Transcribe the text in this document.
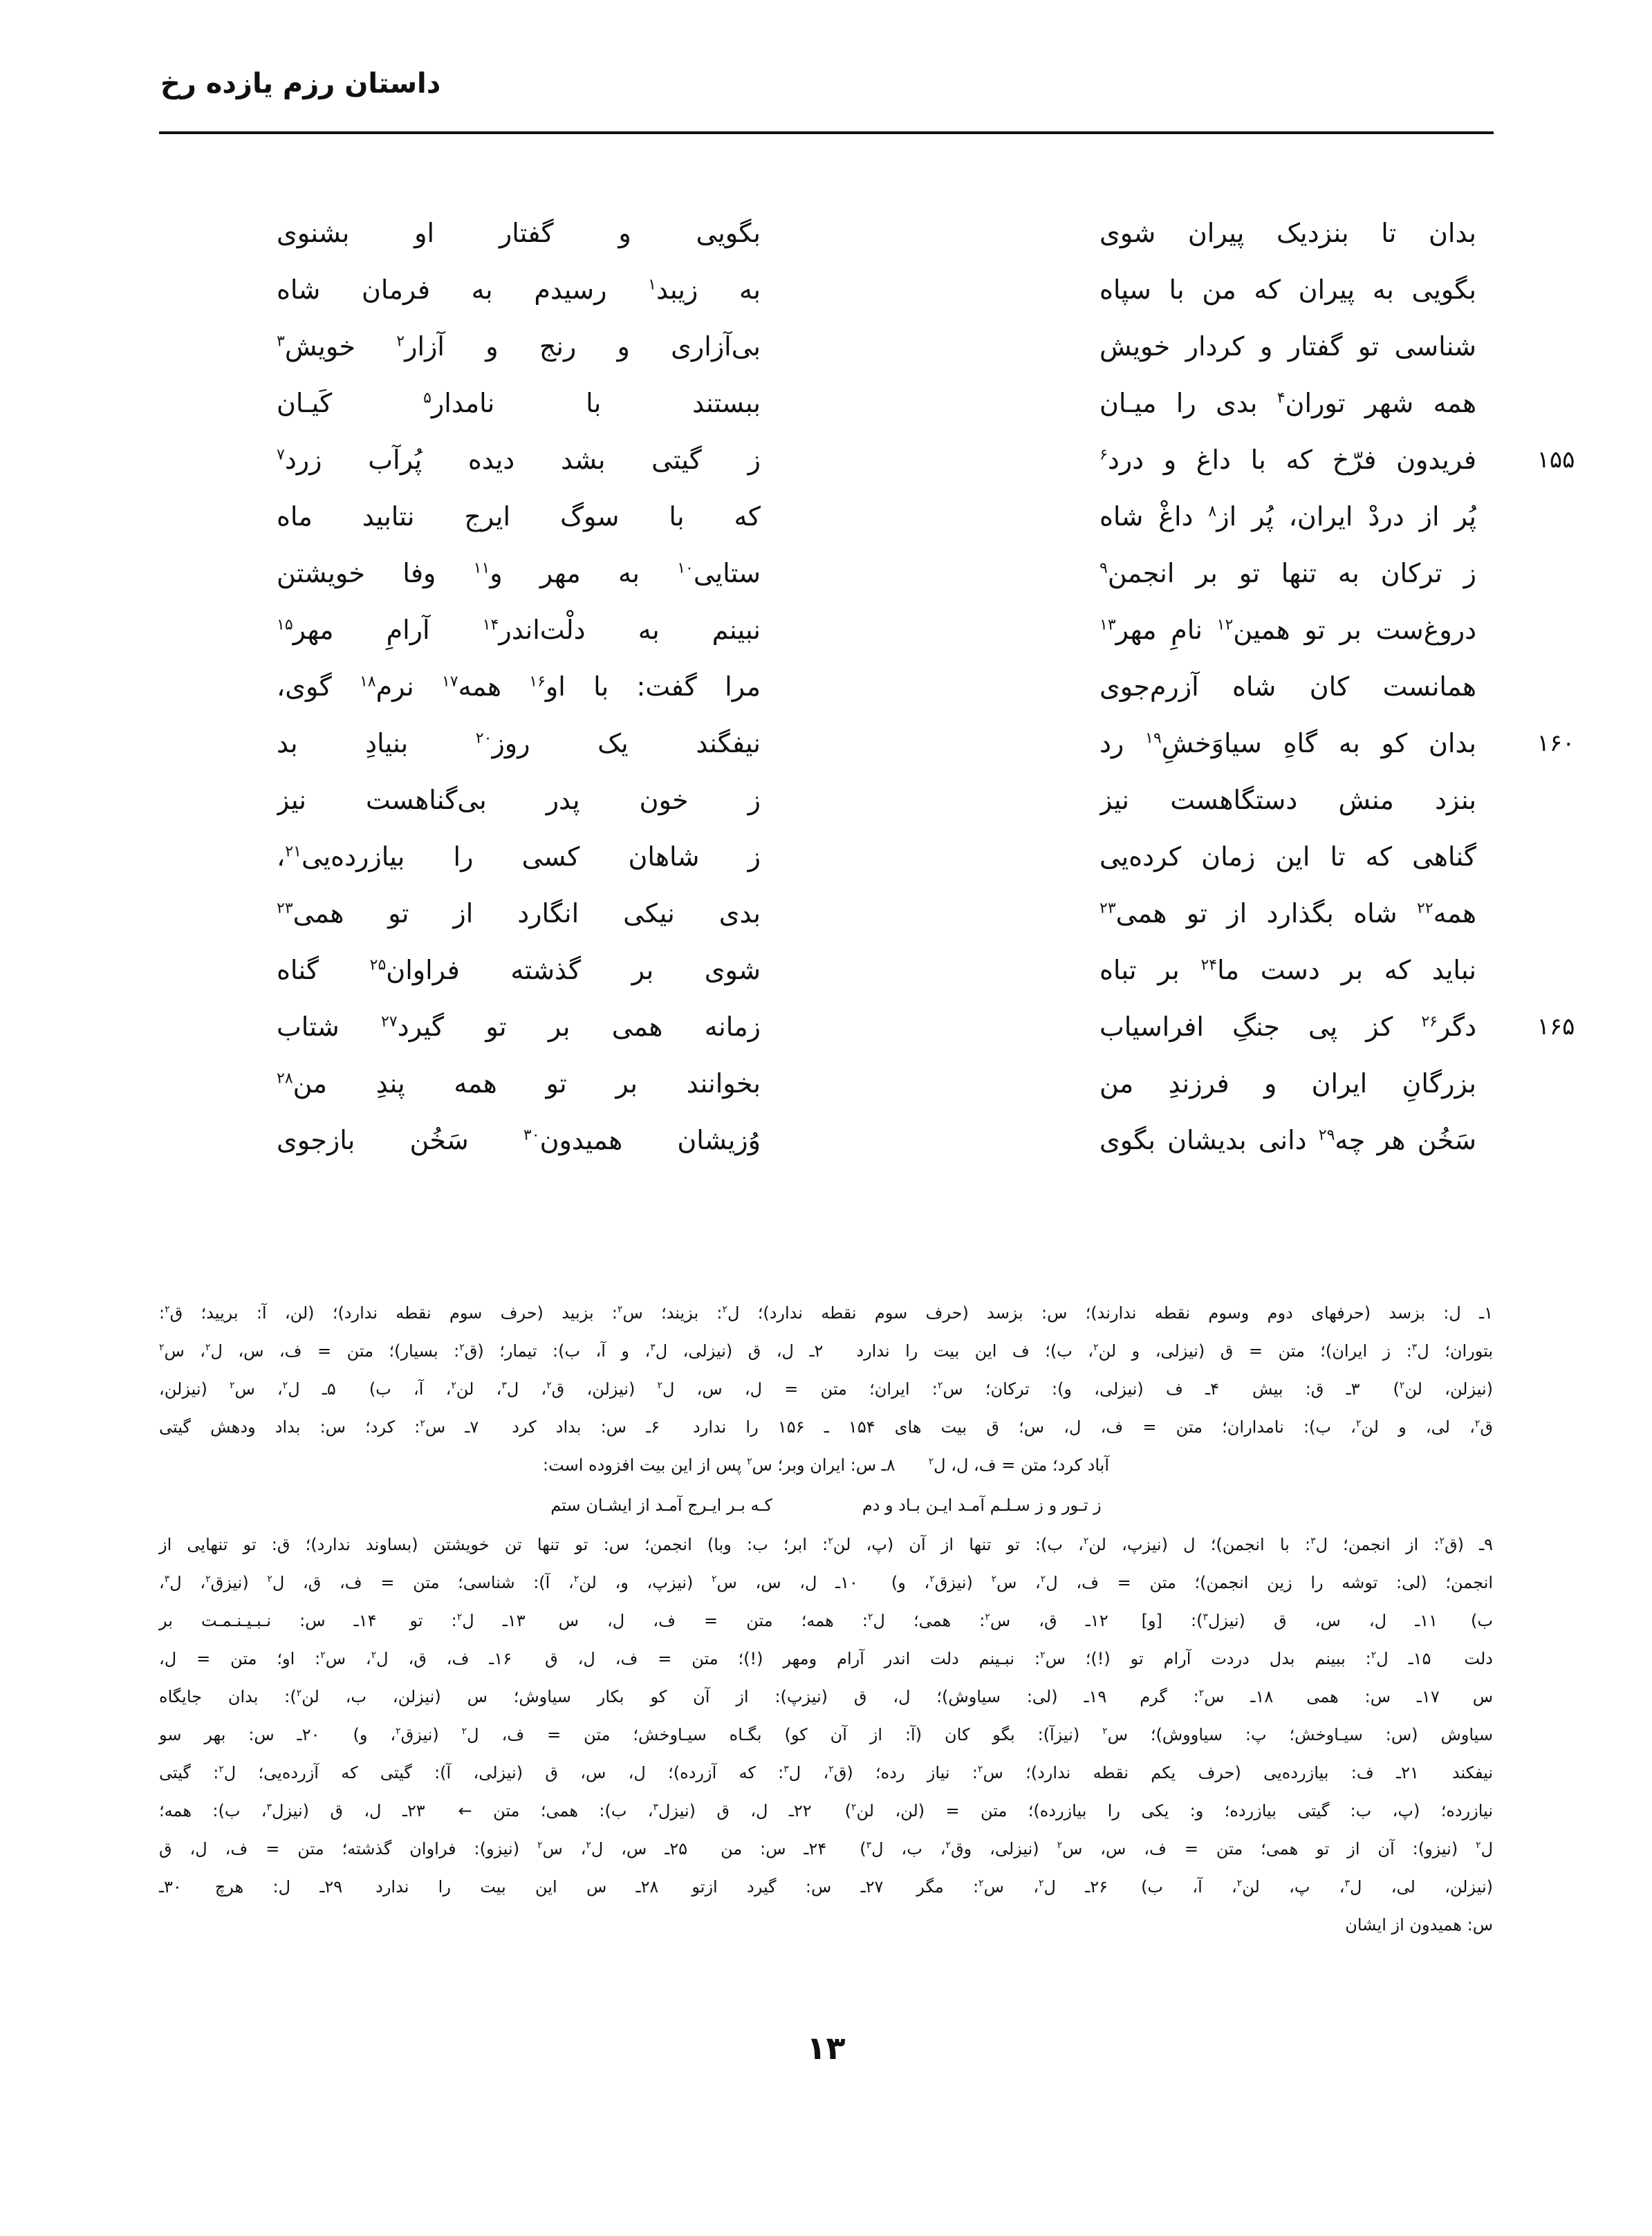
داستان رزم یازده رخ
بدان تا بنزدیک پیران شوی
بگویی و گفتار او بشنوی
بگویی به پیران که من با سپاه
به زیبد$^۱$ رسیدم به فرمان شاه
شناسی تو گفتار و کردار خویش
بی‌آزاری و رنج و آزار$^۲$ خویش$^۳$
همه شهر توران$^۴$ بدی را میـان
ببستند با نامدار$^۵$ کَیـان
۱۵۵
فریدون فرّخ که با داغ و درد$^۶$
ز گیتی بشد دیده پُرآب زرد$^۷$
پُر از دردْ ایران، پُر از$^۸$ داغْ شاه
که با سوگ ایرج نتابید ماه
ز ترکان به تنها تو بر انجمن$^۹$
ستایی$^{۱۰}$ به مهر و$^{۱۱}$ وفا خویشتن
دروغ‌ست بر تو همین$^{۱۲}$ نامِ مهر$^{۱۳}$
نبینم به دلْت‌اندر$^{۱۴}$ آرامِ مهر$^{۱۵}$
همانست کان شاه آزرم‌جوی
مرا گفت: با او$^{۱۶}$ همه$^{۱۷}$ نرم$^{۱۸}$ گوی،
۱۶۰
بدان کو به گاهِ سیاوَخشِ$^{۱۹}$ رد
نیفگند یک روز$^{۲۰}$ بنیادِ بد
بنزد منش دستگاهست نیز
ز خون پدر بی‌گناهست نیز
گناهی که تا این زمان کرده‌یی
ز شاهان کسی را بیازرده‌یی$^{۲۱}$،
همه$^{۲۲}$ شاه بگذارد از تو همی$^{۲۳}$
بدی نیکی انگارد از تو همی$^{۲۳}$
نباید که بر دست ما$^{۲۴}$ بر تباه
شوی بر گذشته فراوان$^{۲۵}$ گناه
۱۶۵
دگر$^{۲۶}$ کز پی جنگِ افراسیاب
زمانه همی بر تو گیرد$^{۲۷}$ شتاب
بزرگانِ ایران و فرزندِ من
بخوانند بر تو همه پندِ من$^{۲۸}$
سَخُن هر چه$^{۲۹}$ دانی بدیشان بگوی
وُزیشان همیدون$^{۳۰}$ سَخُن بازجوی
۱ـ ل: بزسد (حرفهای دوم وسوم نقطه ندارند)؛ س: بزسد (حرف سوم نقطه ندارد)؛ ل$^۲$: بزیند؛ س$^۲$: بزبید (حرف سوم نقطه ندارد)؛ (لن، آ: بریید؛ ق$^۲$:
بتوران؛ ل$^۳$: ز ایران)؛ متن = ق (نیزلی، و لن$^۲$، ب)؛ ف این بیت را ندارد  ۲ـ ل، ق (نیزلی، ل$^۳$، و آ، ب): تیمار؛ (ق$^۲$: بسیار)؛ متن = ف، س، ل$^۲$، س$^۲$
(نیزلن، لن$^۲$)  ۳ـ ق: بیش  ۴ـ ف (نیزلی، و): ترکان؛ س$^۲$: ایران؛ متن = ل، س، ل$^۲$ (نیزلن، ق$^۲$، ل$^۳$، لن$^۲$، آ، ب)  ۵ـ ل$^۲$، س$^۲$ (نیزلن،
ق$^۲$، لی، و لن$^۲$، ب): نامداران؛ متن = ف، ل، س؛ ق بیت های ۱۵۴ ـ ۱۵۶ را ندارد  ۶ـ س: بداد کرد  ۷ـ س$^۲$: کرد؛ س: بداد ودهش گیتی
آباد کرد؛ متن = ف، ل، ل$^۲$  ۸ـ س: ایران وبر؛ س$^۲$ پس از این بیت افزوده است:
ز تـور و ز سـلـم آمـد ایـن بـاد و دمکـه بـر ایـرج آمـد از ایشـان ستم
۹ـ (ق$^۲$: از انجمن؛ ل$^۳$: با انجمن)؛ ل (نیزپ، لن$^۲$، ب): تو تنها از آن (پ، لن$^۲$: ابر؛ ب: وبا) انجمن؛ س: تو تنها تن خویشتن (بساوند ندارد)؛ ق: تو تنهایی از
انجمن؛ (لی: توشه را زین انجمن)؛ متن = ف، ل$^۲$، س$^۲$ (نیزق$^۲$، و)  ۱۰ـ ل، س، س$^۲$ (نیزپ، و، لن$^۲$، آ): شناسی؛ متن = ف، ق، ل$^۲$ (نیزق$^۲$، ل$^۳$،
ب)  ۱۱ـ ل، س، ق (نیزل$^۳$): [و]  ۱۲ـ ق، س$^۲$: همی؛ ل$^۲$: همه؛ متن = ف، ل، س  ۱۳ـ ل$^۲$: تو  ۱۴ـ س: نـبـیـنـمـت بر
دلت  ۱۵ـ ل$^۲$: ببینم بدل دردت آرام تو (!)؛ س$^۲$: نبـینم دلت اندر آرام ومهر (!)؛ متن = ف، ل، ق  ۱۶ـ ف، ق، ل$^۲$، س$^۲$: او؛ متن = ل،
س  ۱۷ـ س: همی  ۱۸ـ س$^۲$: گرم  ۱۹ـ (لی: سیاوش)؛ ل، ق (نیزپ): از آن کو بکار سیاوش؛ س (نیزلن، ب، لن$^۲$): بدان جایگاه
سیاوش (س: سیـاوخش؛ پ: سیاووش)؛ س$^۲$ (نیزآ): بگو کان (آ: از آن کو) بگـاه سیـاوخش؛ متن = ف، ل$^۲$ (نیزق$^۲$، و)  ۲۰ـ س: بهر سو
نیفکند  ۲۱ـ ف: بیازرده‌یی (حرف یکم نقطه ندارد)؛ س$^۲$: نیاز رده؛ (ق$^۲$، ل$^۳$: که آزرده)؛ ل، س، ق (نیزلی، آ): گیتی که آزرده‌یی؛ ل$^۲$: گیتی
نیازرده؛ (پ، ب: گیتی بیازرده؛ و: یکی را بیازرده)؛ متن = (لن، لن$^۲$)  ۲۲ـ ل، ق (نیزل$^۳$، ب): همی؛ متن ←  ۲۳ـ ل، ق (نیزل$^۳$، ب): همه؛
ل$^۲$ (نیزو): آن از تو همی؛ متن = ف، س، س$^۲$ (نیزلی، وق$^۲$، ب، ل$^۳$)  ۲۴ـ س: من  ۲۵ـ س، ل$^۲$، س$^۲$ (نیزو): فراوان گذشته؛ متن = ف، ل، ق
(نیزلن، لی، ل$^۳$، پ، لن$^۲$، آ، ب)  ۲۶ـ ل$^۲$، س$^۲$: مگر  ۲۷ـ س: گیرد ازتو  ۲۸ـ س این بیت را ندارد  ۲۹ـ ل: هرچ  ۳۰ـ
س: همیدون از ایشان
۱۳
